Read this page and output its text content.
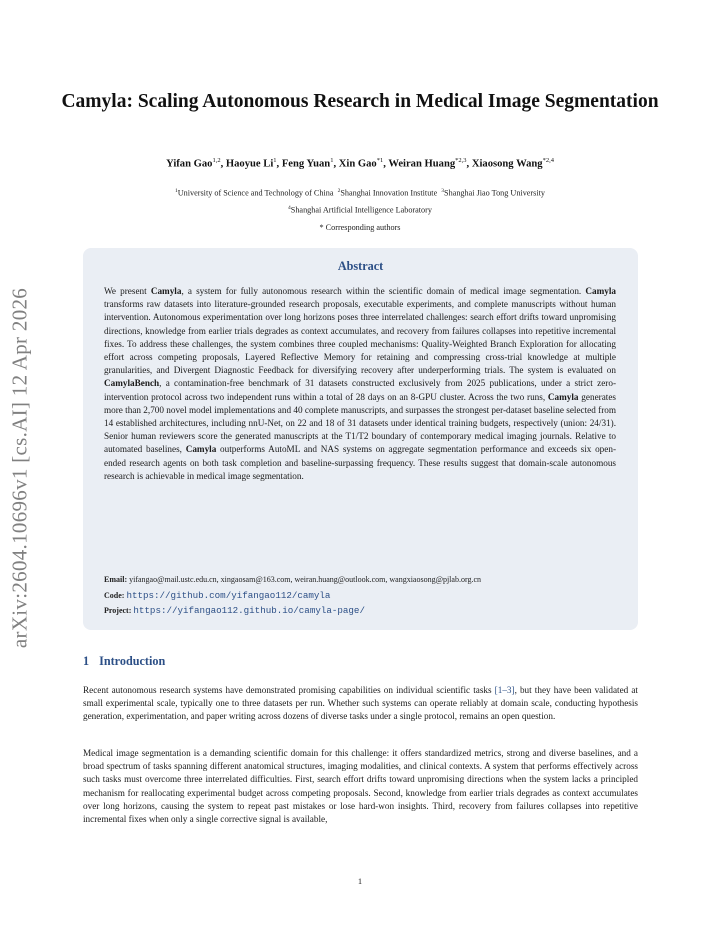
arXiv:2604.10696v1 [cs.AI] 12 Apr 2026
Camyla: Scaling Autonomous Research in Medical Image Segmentation
Yifan Gao$^{1,2}$, Haoyue Li$^1$, Feng Yuan$^1$, Xin Gao$^{*1}$, Weiran Huang$^{*2,3}$, Xiaosong Wang$^{*2,4}$
$^1$University of Science and Technology of China $^2$Shanghai Innovation Institute $^3$Shanghai Jiao Tong University
$^4$Shanghai Artificial Intelligence Laboratory
* Corresponding authors
Abstract
We present Camyla, a system for fully autonomous research within the scientific domain of medical image segmentation. Camyla transforms raw datasets into literature-grounded research proposals, executable experiments, and complete manuscripts without human intervention. Autonomous experimentation over long horizons poses three interrelated challenges: search effort drifts toward unpromising directions, knowledge from earlier trials degrades as context accumulates, and recovery from failures collapses into repetitive incremental fixes. To address these challenges, the system combines three coupled mechanisms: Quality-Weighted Branch Exploration for allocating effort across competing proposals, Layered Reflective Memory for retaining and compressing cross-trial knowledge at multiple granularities, and Divergent Diagnostic Feedback for diversifying recovery after underperforming trials. The system is evaluated on CamylaBench, a contamination-free benchmark of 31 datasets constructed exclusively from 2025 publications, under a strict zero-intervention protocol across two independent runs within a total of 28 days on an 8-GPU cluster. Across the two runs, Camyla generates more than 2,700 novel model implementations and 40 complete manuscripts, and surpasses the strongest per-dataset baseline selected from 14 established architectures, including nnU-Net, on 22 and 18 of 31 datasets under identical training budgets, respectively (union: 24/31). Senior human reviewers score the generated manuscripts at the T1/T2 boundary of contemporary medical imaging journals. Relative to automated baselines, Camyla outperforms AutoML and NAS systems on aggregate segmentation performance and exceeds six open-ended research agents on both task completion and baseline-surpassing frequency. These results suggest that domain-scale autonomous research is achievable in medical image segmentation.
Email: yifangao@mail.ustc.edu.cn, xingaosam@163.com, weiran.huang@outlook.com, wangxiaosong@pjlab.org.cn
Code: https://github.com/yifangao112/camyla
Project: https://yifangao112.github.io/camyla-page/
1 Introduction
Recent autonomous research systems have demonstrated promising capabilities on individual scientific tasks [1–3], but they have been validated at small experimental scale, typically one to three datasets per run. Whether such systems can operate reliably at domain scale, conducting hypothesis generation, experimentation, and paper writing across dozens of diverse tasks under a single protocol, remains an open question.
Medical image segmentation is a demanding scientific domain for this challenge: it offers standardized metrics, strong and diverse baselines, and a broad spectrum of tasks spanning different anatomical structures, imaging modalities, and clinical contexts. A system that performs effectively across such tasks must overcome three interrelated difficulties. First, search effort drifts toward unpromising directions when the system lacks a principled mechanism for reallocating experimental budget across competing proposals. Second, knowledge from earlier trials degrades as context accumulates over long horizons, causing the system to repeat past mistakes or lose hard-won insights. Third, recovery from failures collapses into repetitive incremental fixes when only a single corrective signal is available,
1
